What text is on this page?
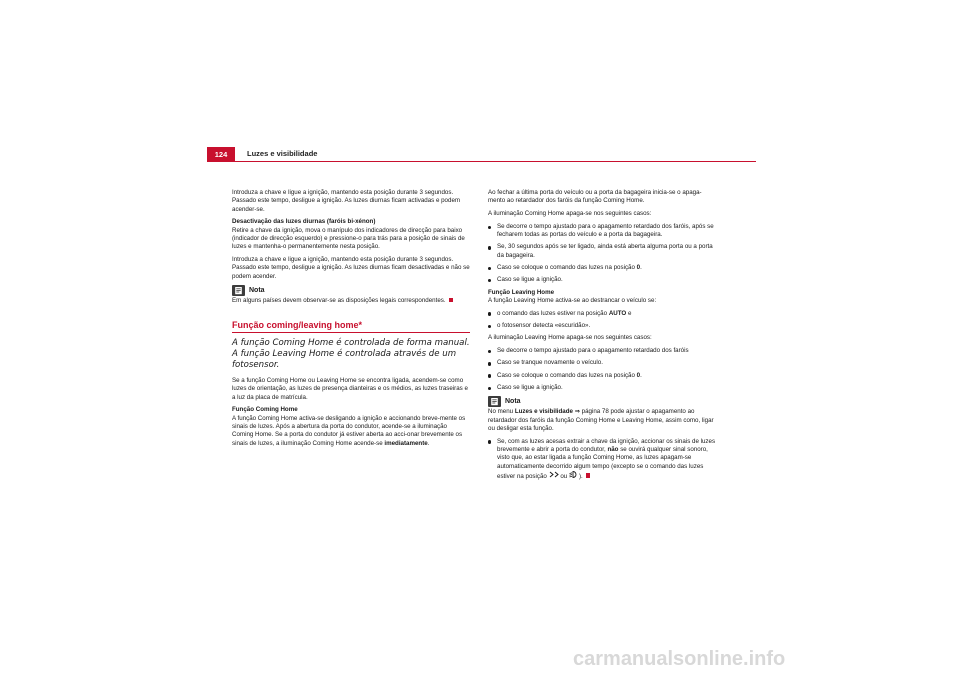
124	Luzes e visibilidade

Introduza a chave e ligue a ignição, mantendo esta posição durante 3 segundos. Passado este tempo, desligue a ignição. As luzes diurnas ficam activadas e podem acender-se.

Desactivação das luzes diurnas (faróis bi-xénon)

Retire a chave da ignição, mova o manípulo dos indicadores de direcção para baixo (indicador de direcção esquerdo) e pressione-o para trás para a posição de sinais de luzes e mantenha-o permanentemente nesta posição.

Introduza a chave e ligue a ignição, mantendo esta posição durante 3 segundos. Passado este tempo, desligue a ignição. As luzes diurnas ficam desactivadas e não se podem acender.

Nota

Em alguns países devem observar-se as disposições legais correspondentes.

Função coming/leaving home*

A função Coming Home é controlada de forma manual. A função Leaving Home é controlada através de um fotosensor.

Se a função Coming Home ou Leaving Home se encontra ligada, acendem-se como luzes de orientação, as luzes de presença dianteiras e os médios, as luzes traseiras e a luz da placa de matrícula.

Função Coming Home

A função Coming Home activa-se desligando a ignição e accionando breve-mente os sinais de luzes. Após a abertura da porta do condutor, acende-se a iluminação Coming Home. Se a porta do condutor já estiver aberta ao acci-onar brevemente os sinais de luzes, a iluminação Coming Home acende-se imediatamente.

Ao fechar a última porta do veículo ou a porta da bagageira inicia-se o apaga-mento ao retardador dos faróis da função Coming Home.

A iluminação Coming Home apaga-se nos seguintes casos:

Se decorre o tempo ajustado para o apagamento retardado dos faróis, após se fecharem todas as portas do veículo e a porta da bagageira.

Se, 30 segundos após se ter ligado, ainda está aberta alguma porta ou a porta da bagageira.

Caso se coloque o comando das luzes na posição 0.

Caso se ligue a ignição.

Função Leaving Home

A função Leaving Home activa-se ao destrancar o veículo se:

o comando das luzes estiver na posição AUTO e

o fotosensor detecta «escuridão».

A iluminação Leaving Home apaga-se nos seguintes casos:

Se decorre o tempo ajustado para o apagamento retardado dos faróis

Caso se tranque novamente o veículo.

Caso se coloque o comando das luzes na posição 0.

Caso se ligue a ignição.

Nota

No menu Luzes e visibilidade ⇒ página 78 pode ajustar o apagamento ao retardador dos faróis da função Coming Home e Leaving Home, assim como, ligar ou desligar esta função.

Se, com as luzes acesas extrair a chave da ignição, accionar os sinais de luzes brevemente e abrir a porta do condutor, não se ouvirá qualquer sinal sonoro, visto que, ao estar ligada a função Coming Home, as luzes apagam-se automaticamente decorrido algum tempo (excepto se o comando das luzes estiver na posição ou ).

carmanualsonline.info
